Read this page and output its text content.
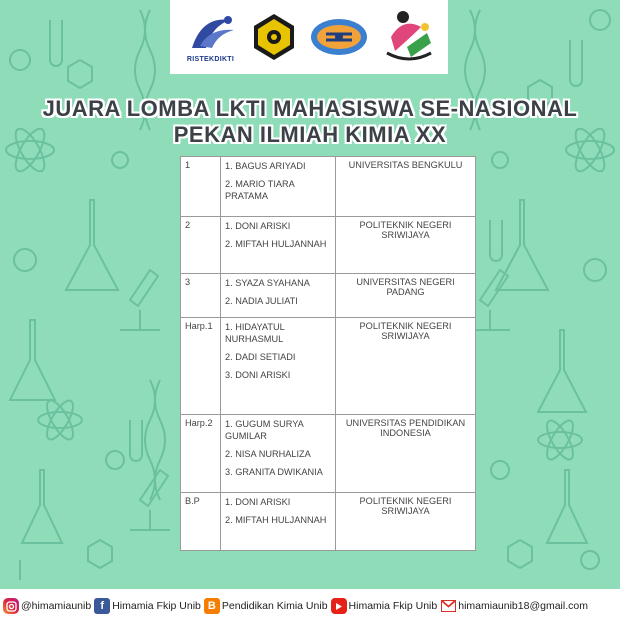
RISTEKDIKTI
JUARA LOMBA LKTI MAHASISWA SE-NASIONAL
PEKAN ILMIAH KIMIA XX
1	1. BAGUS ARIYADI
2. MARIO TIARA PRATAMA	UNIVERSITAS BENGKULU
2	1. DONI ARISKI
2. MIFTAH HULJANNAH	POLITEKNIK NEGERI SRIWIJAYA
3	1. SYAZA SYAHANA
2. NADIA JULIATI	UNIVERSITAS NEGERI PADANG
Harp.1	1. HIDAYATUL NURHASMUL
2. DADI SETIADI
3. DONI ARISKI	POLITEKNIK NEGERI SRIWIJAYA
Harp.2	1. GUGUM SURYA GUMILAR
2. NISA NURHALIZA
3. GRANITA DWIKANIA	UNIVERSITAS PENDIDIKAN INDONESIA
B.P	1. DONI ARISKI
2. MIFTAH HULJANNAH	POLITEKNIK NEGERI SRIWIJAYA
@himamiaunib f Himamia Fkip Unib B Pendidikan Kimia Unib Himamia Fkip Unib himamiaunib18@gmail.com
